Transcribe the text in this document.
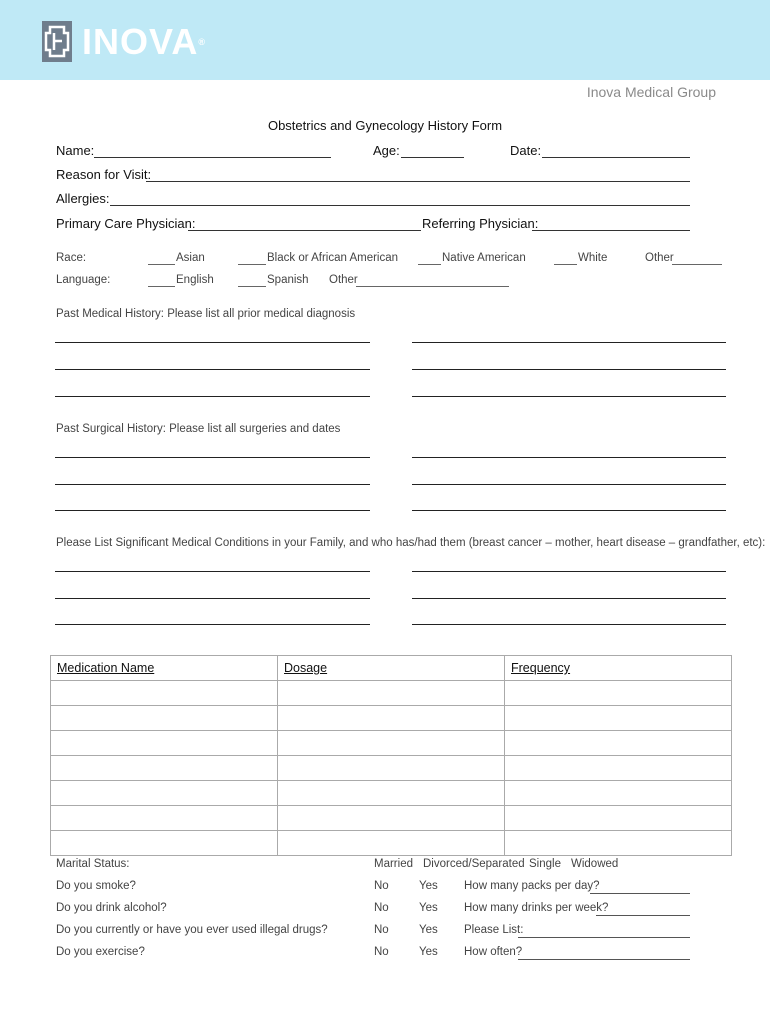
INOVA®
Inova Medical Group
Obstetrics and Gynecology History Form
Name:	Age:	Date:
Reason for Visit:
Allergies:
Primary Care Physician:	Referring Physician:
Race:	Asian	Black or African American	Native American	White	Other
Language:	English	Spanish Other
Past Medical History: Please list all prior medical diagnosis
Past Surgical History: Please list all surgeries and dates
Please List Significant Medical Conditions in your Family, and who has/had them (breast cancer – mother, heart disease – grandfather, etc):
Medication Name	Dosage	Frequency

Marital Status:	Married Divorced/Separated Single Widowed
Do you smoke?	No	Yes How many packs per day?
Do you drink alcohol?	No	Yes How many drinks per week?
Do you currently or have you ever used illegal drugs?	No	Yes Please List:
Do you exercise?	No	Yes How often?
